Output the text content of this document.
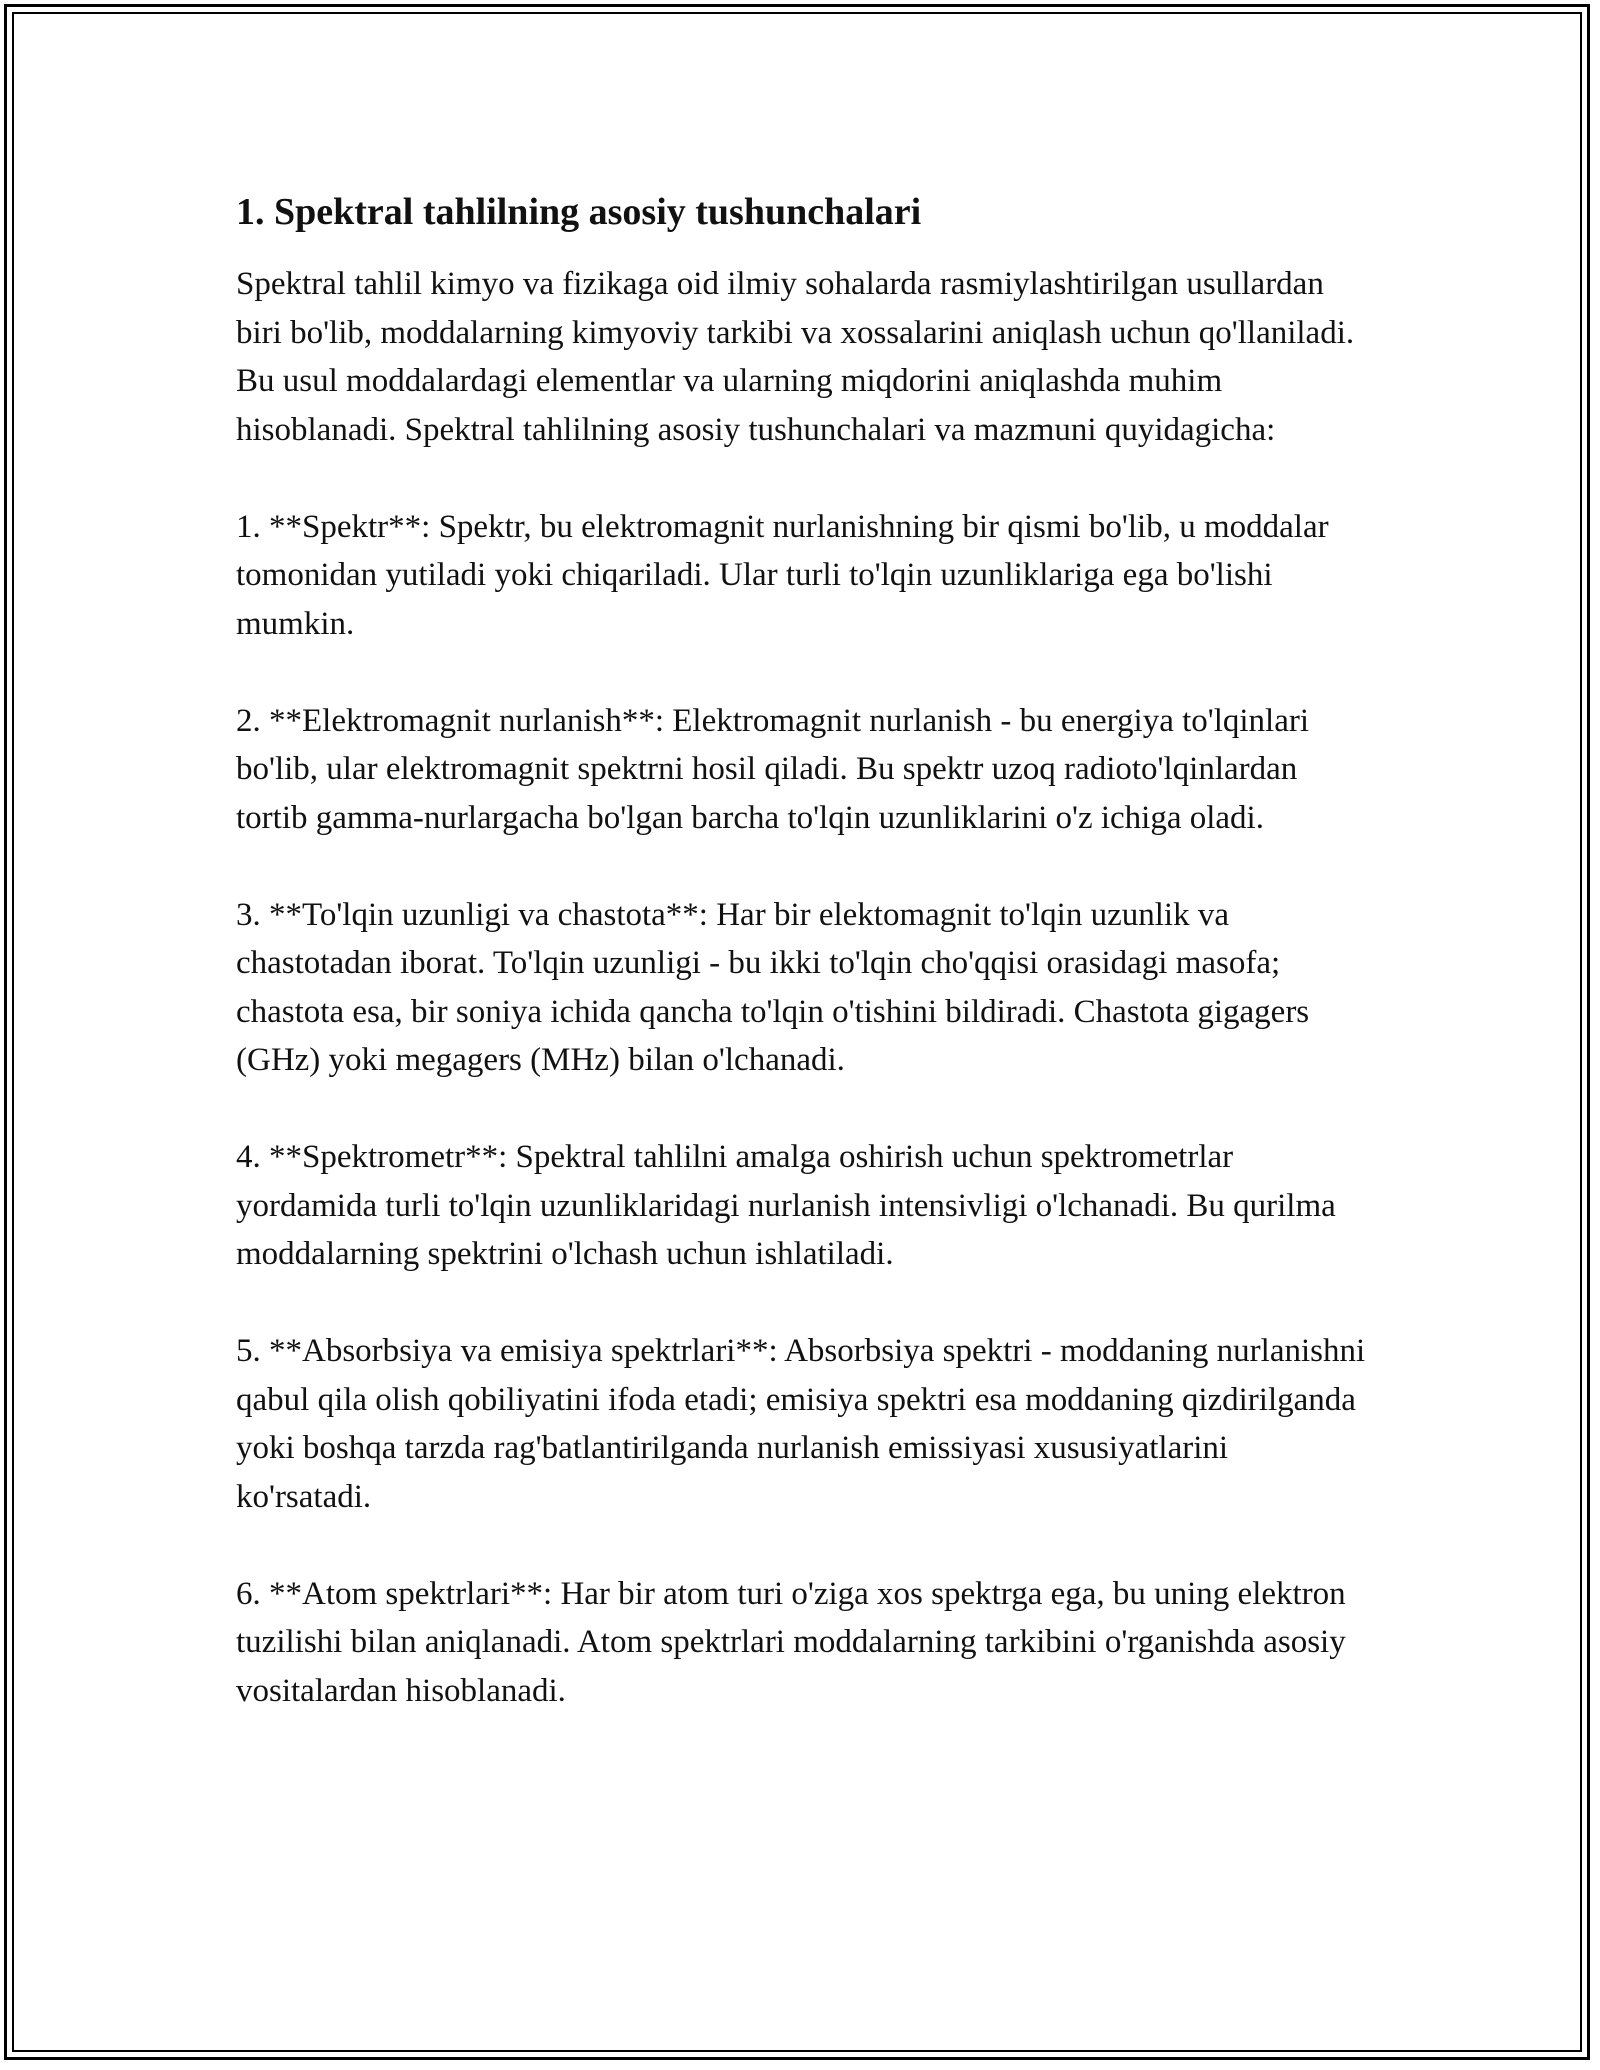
1. Spektral tahlilning asosiy tushunchalari

Spektral tahlil kimyo va fizikaga oid ilmiy sohalarda rasmiylashtirilgan usullardan biri bo'lib, moddalarning kimyoviy tarkibi va xossalarini aniqlash uchun qo'llaniladi. Bu usul moddalardagi elementlar va ularning miqdorini aniqlashda muhim hisoblanadi. Spektral tahlilning asosiy tushunchalari va mazmuni quyidagicha:

1. **Spektr**: Spektr, bu elektromagnit nurlanishning bir qismi bo'lib, u moddalar tomonidan yutiladi yoki chiqariladi. Ular turli to'lqin uzunliklariga ega bo'lishi mumkin.

2. **Elektromagnit nurlanish**: Elektromagnit nurlanish - bu energiya to'lqinlari bo'lib, ular elektromagnit spektrni hosil qiladi. Bu spektr uzoq radioto'lqinlardan tortib gamma-nurlargacha bo'lgan barcha to'lqin uzunliklarini o'z ichiga oladi.

3. **To'lqin uzunligi va chastota**: Har bir elektomagnit to'lqin uzunlik va chastotadan iborat. To'lqin uzunligi - bu ikki to'lqin cho'qqisi orasidagi masofa; chastota esa, bir soniya ichida qancha to'lqin o'tishini bildiradi. Chastota gigagers (GHz) yoki megagers (MHz) bilan o'lchanadi.

4. **Spektrometr**: Spektral tahlilni amalga oshirish uchun spektrometrlar yordamida turli to'lqin uzunliklaridagi nurlanish intensivligi o'lchanadi. Bu qurilma moddalarning spektrini o'lchash uchun ishlatiladi.

5. **Absorbsiya va emisiya spektrlari**: Absorbsiya spektri - moddaning nurlanishni qabul qila olish qobiliyatini ifoda etadi; emisiya spektri esa moddaning qizdirilganda yoki boshqa tarzda rag'batlantirilganda nurlanish emissiyasi xususiyatlarini ko'rsatadi.

6. **Atom spektrlari**: Har bir atom turi o'ziga xos spektrga ega, bu uning elektron tuzilishi bilan aniqlanadi. Atom spektrlari moddalarning tarkibini o'rganishda asosiy vositalardan hisoblanadi.
